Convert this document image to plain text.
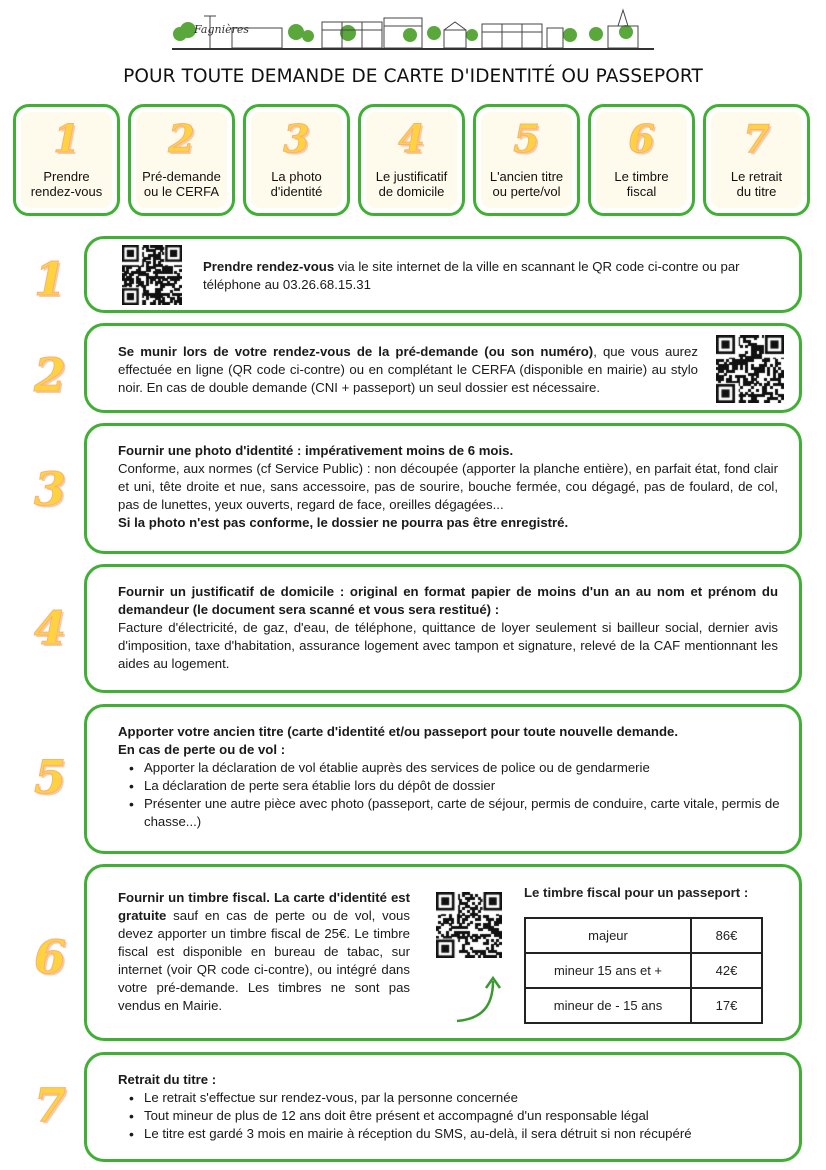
Fagnières
POUR TOUTE DEMANDE DE CARTE D'IDENTITÉ OU PASSEPORT
1
Prendre
rendez-vous
2
Pré-demande
ou le CERFA
3
La photo
d'identité
4
Le justificatif
de domicile
5
L'ancien titre
ou perte/vol
6
Le timbre
fiscal
7
Le retrait
du titre
1	Prendre rendez-vous via le site internet de la ville en scannant le QR code ci-contre ou par téléphone au 03.26.68.15.31
2	Se munir lors de votre rendez-vous de la pré-demande (ou son numéro), que vous aurez effectuée en ligne (QR code ci-contre) ou en complétant le CERFA (disponible en mairie) au stylo noir. En cas de double demande (CNI + passeport) un seul dossier est nécessaire.
3

Fournir une photo d'identité : impérativement moins de 6 mois.

Conforme, aux normes (cf Service Public) : non découpée (apporter la planche entière), en parfait état, fond clair et uni, tête droite et nue, sans accessoire, pas de sourire, bouche fermée, cou dégagé, pas de foulard, de col, pas de lunettes, yeux ouverts, regard de face, oreilles dégagées...

Si la photo n'est pas conforme, le dossier ne pourra pas être enregistré.

4

Fournir un justificatif de domicile : original en format papier de moins d'un an au nom et prénom du demandeur (le document sera scanné et vous sera restitué) :

Facture d'électricité, de gaz, d'eau, de téléphone, quittance de loyer seulement si bailleur social, dernier avis d'imposition, taxe d'habitation, assurance logement avec tampon et signature, relevé de la CAF mentionnant les aides au logement.

5

Apporter votre ancien titre (carte d'identité et/ou passeport pour toute nouvelle demande.

En cas de perte ou de vol :

• Apporter la déclaration de vol établie auprès des services de police ou de gendarmerie
• La déclaration de perte sera établie lors du dépôt de dossier
• Présenter une autre pièce avec photo (passeport, carte de séjour, permis de conduire, carte vitale, permis de chasse...)
6
Fournir un timbre fiscal. La carte d'identité est gratuite sauf en cas de perte ou de vol, vous devez apporter un timbre fiscal de 25€. Le timbre fiscal est disponible en bureau de tabac, sur internet (voir QR code ci-contre), ou intégré dans votre pré-demande. Les timbres ne sont pas vendus en Mairie.
Le timbre fiscal pour un passeport :
majeur	86€
mineur 15 ans et +	42€
mineur de - 15 ans	17€
7	Retrait du titre :

• Le retrait s'effectue sur rendez-vous, par la personne concernée
• Tout mineur de plus de 12 ans doit être présent et accompagné d'un responsable légal
• Le titre est gardé 3 mois en mairie à réception du SMS, au-delà, il sera détruit si non récupéré
